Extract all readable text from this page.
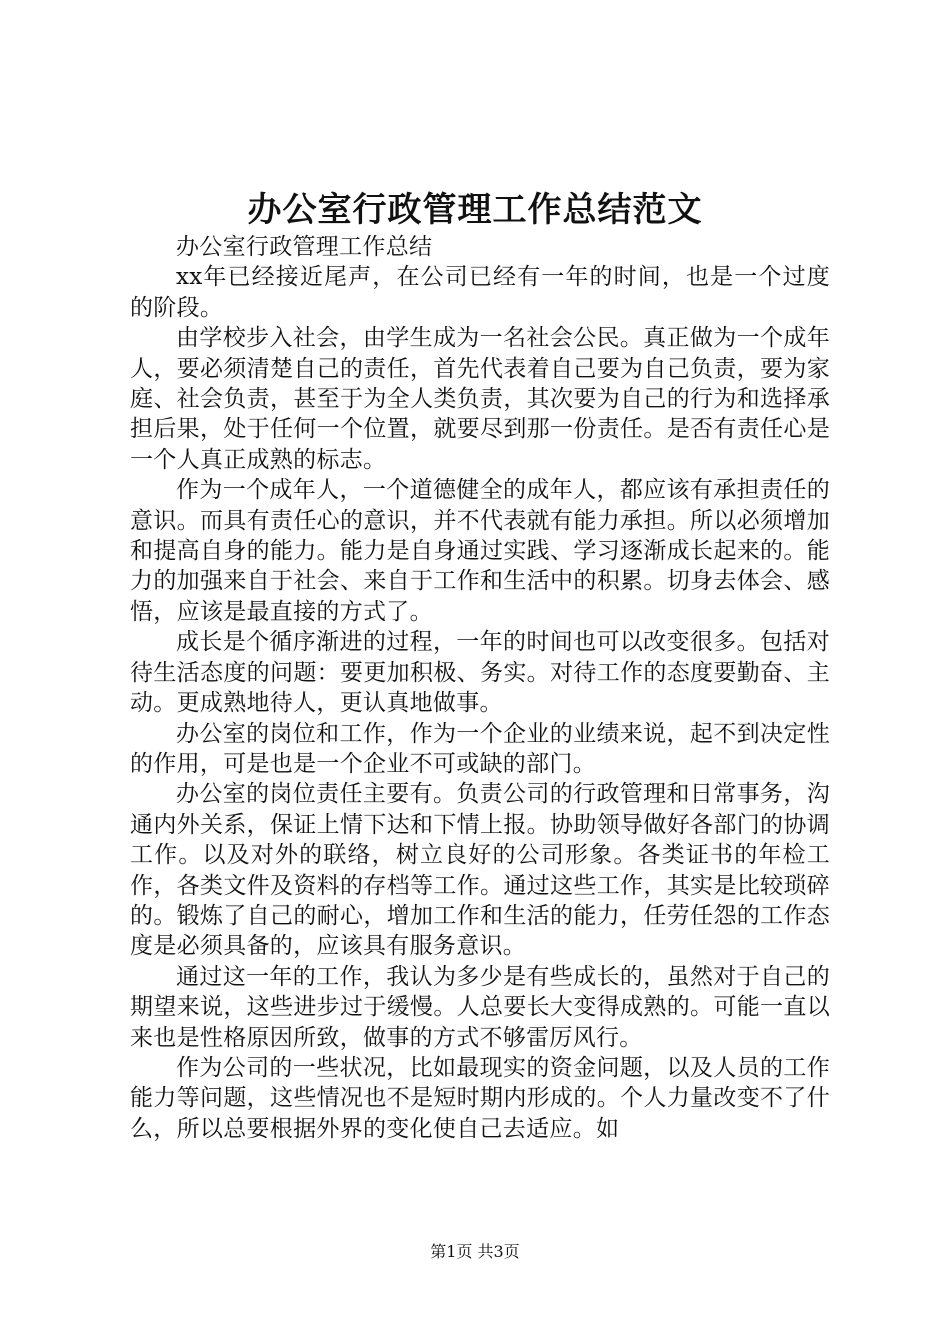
办公室行政管理工作总结范文

办公室行政管理工作总结

xx年已经接近尾声，在公司已经有一年的时间，也是一个过度的阶段。

由学校步入社会，由学生成为一名社会公民。真正做为一个成年人，要必须清楚自己的责任，首先代表着自己要为自己负责，要为家庭、社会负责，甚至于为全人类负责，其次要为自己的行为和选择承担后果，处于任何一个位置，就要尽到那一份责任。是否有责任心是一个人真正成熟的标志。

作为一个成年人，一个道德健全的成年人，都应该有承担责任的意识。而具有责任心的意识，并不代表就有能力承担。所以必须增加和提高自身的能力。能力是自身通过实践、学习逐渐成长起来的。能力的加强来自于社会、来自于工作和生活中的积累。切身去体会、感悟，应该是最直接的方式了。

成长是个循序渐进的过程，一年的时间也可以改变很多。包括对待生活态度的问题：要更加积极、务实。对待工作的态度要勤奋、主动。更成熟地待人，更认真地做事。

办公室的岗位和工作，作为一个企业的业绩来说，起不到决定性的作用，可是也是一个企业不可或缺的部门。

办公室的岗位责任主要有。负责公司的行政管理和日常事务，沟通内外关系，保证上情下达和下情上报。协助领导做好各部门的协调工作。以及对外的联络，树立良好的公司形象。各类证书的年检工作，各类文件及资料的存档等工作。通过这些工作，其实是比较琐碎的。锻炼了自己的耐心，增加工作和生活的能力，任劳任怨的工作态度是必须具备的，应该具有服务意识。

通过这一年的工作，我认为多少是有些成长的，虽然对于自己的期望来说，这些进步过于缓慢。人总要长大变得成熟的。可能一直以来也是性格原因所致，做事的方式不够雷厉风行。

作为公司的一些状况，比如最现实的资金问题，以及人员的工作能力等问题，这些情况也不是短时期内形成的。个人力量改变不了什么，所以总要根据外界的变化使自己去适应。如

第1页 共3页
